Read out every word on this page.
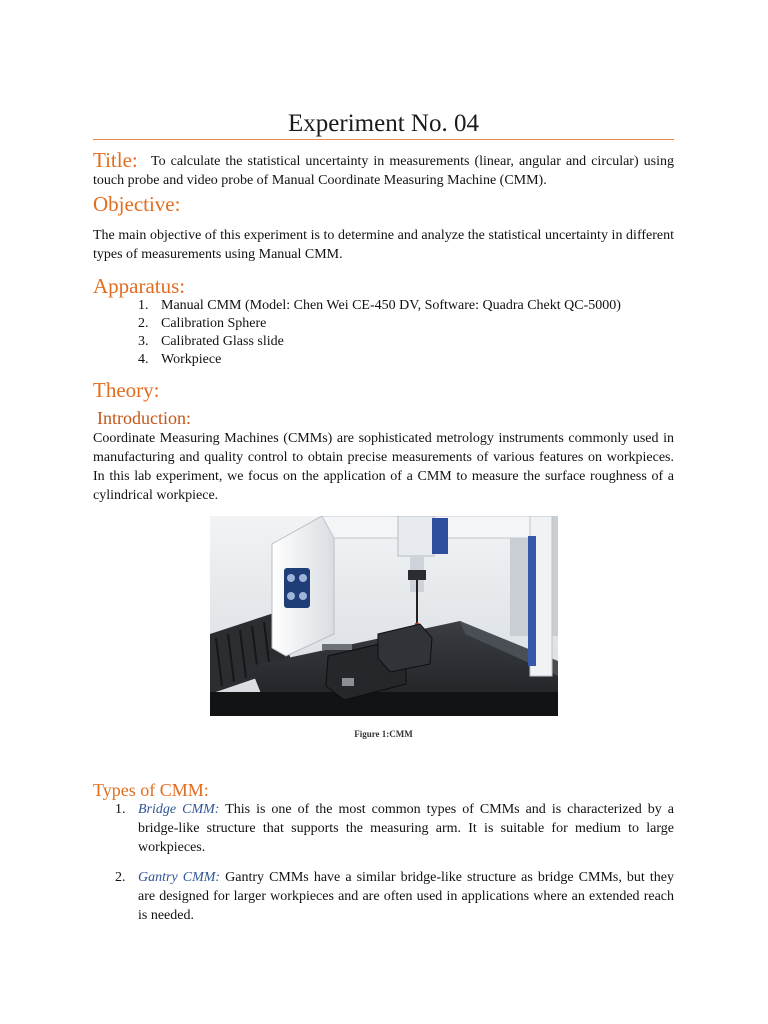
Experiment No. 04
Title: To calculate the statistical uncertainty in measurements (linear, angular and circular) using touch probe and video probe of Manual Coordinate Measuring Machine (CMM).
Objective:
The main objective of this experiment is to determine and analyze the statistical uncertainty in different types of measurements using Manual CMM.
Apparatus:
1. Manual CMM (Model: Chen Wei CE-450 DV, Software: Quadra Chekt QC-5000)
2. Calibration Sphere
3. Calibrated Glass slide
4. Workpiece
Theory:
Introduction:
Coordinate Measuring Machines (CMMs) are sophisticated metrology instruments commonly used in manufacturing and quality control to obtain precise measurements of various features on workpieces. In this lab experiment, we focus on the application of a CMM to measure the surface roughness of a cylindrical workpiece.
Figure 1:CMM
Types of CMM:
1. Bridge CMM: This is one of the most common types of CMMs and is characterized by a bridge-like structure that supports the measuring arm. It is suitable for medium to large workpieces.
2. Gantry CMM: Gantry CMMs have a similar bridge-like structure as bridge CMMs, but they are designed for larger workpieces and are often used in applications where an extended reach is needed.
